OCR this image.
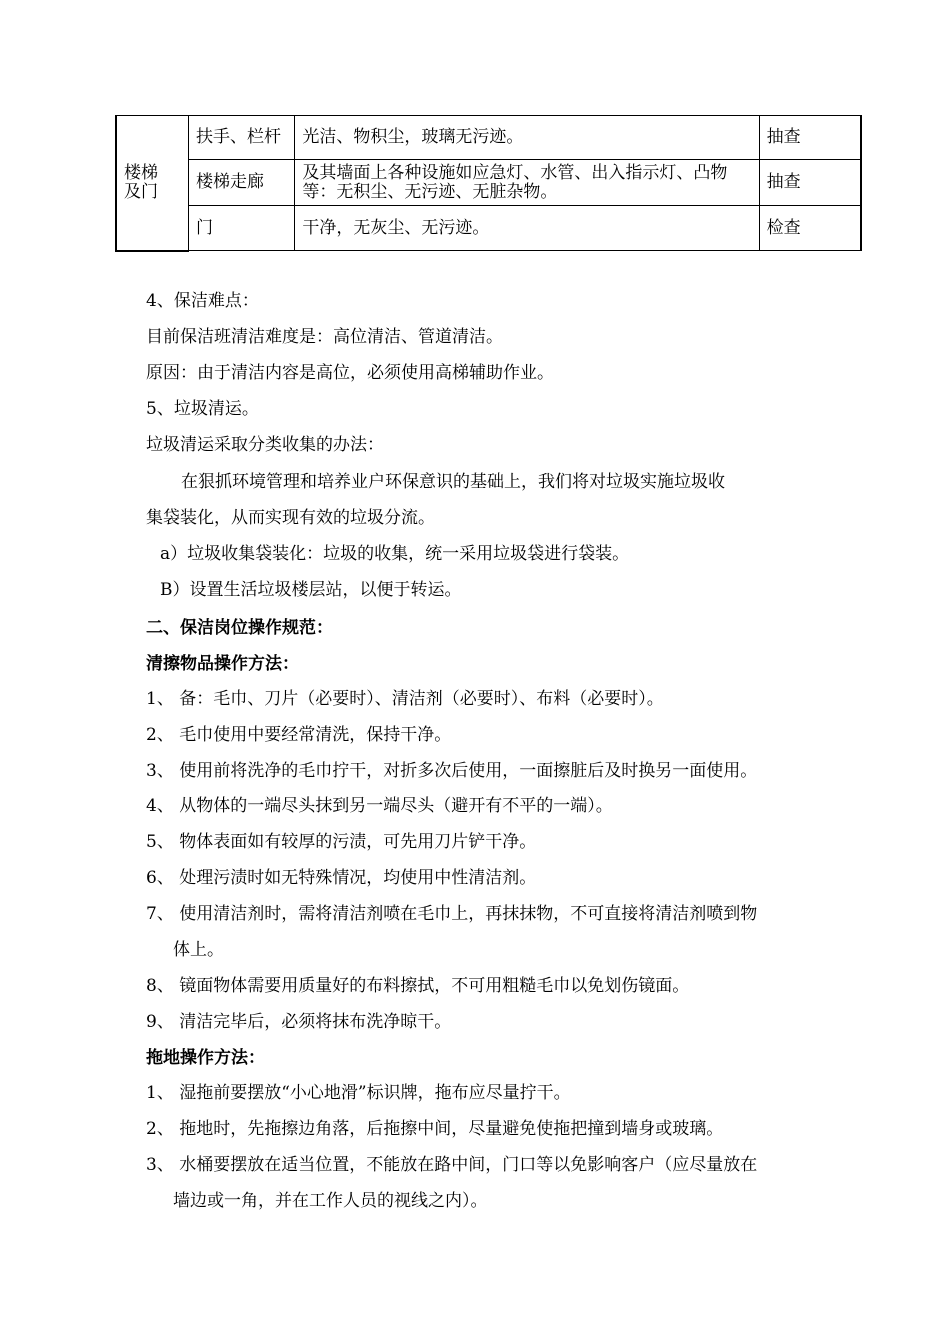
楼梯
及门	扶手、栏杆	光洁、物积尘，玻璃无污迹。	抽查
	楼梯走廊	及其墙面上各种设施如应急灯、水管、出入指示灯、凸物等：无积尘、无污迹、无脏杂物。	抽查
	门	干净，无灰尘、无污迹。	检查
4、保洁难点：
目前保洁班清洁难度是：高位清洁、管道清洁。
原因：由于清洁内容是高位，必须使用高梯辅助作业。
5、垃圾清运。
垃圾清运采取分类收集的办法：
在狠抓环境管理和培养业户环保意识的基础上，我们将对垃圾实施垃圾收
集袋装化，从而实现有效的垃圾分流。
a）垃圾收集袋装化：垃圾的收集，统一采用垃圾袋进行袋装。
B）设置生活垃圾楼层站，以便于转运。
二、保洁岗位操作规范：
清擦物品操作方法：
1、 备：毛巾、刀片（必要时）、清洁剂（必要时）、布料（必要时）。
2、 毛巾使用中要经常清洗，保持干净。
3、 使用前将洗净的毛巾拧干，对折多次后使用，一面擦脏后及时换另一面使用。
4、 从物体的一端尽头抹到另一端尽头（避开有不平的一端）。
5、 物体表面如有较厚的污渍，可先用刀片铲干净。
6、 处理污渍时如无特殊情况，均使用中性清洁剂。
7、 使用清洁剂时，需将清洁剂喷在毛巾上，再抹抹物，不可直接将清洁剂喷到物
体上。
8、 镜面物体需要用质量好的布料擦拭，不可用粗糙毛巾以免划伤镜面。
9、 清洁完毕后，必须将抹布洗净晾干。
拖地操作方法：
1、 湿拖前要摆放“小心地滑”标识牌，拖布应尽量拧干。
2、 拖地时，先拖擦边角落，后拖擦中间，尽量避免使拖把撞到墙身或玻璃。
3、 水桶要摆放在适当位置，不能放在路中间，门口等以免影响客户（应尽量放在
墙边或一角，并在工作人员的视线之内）。
